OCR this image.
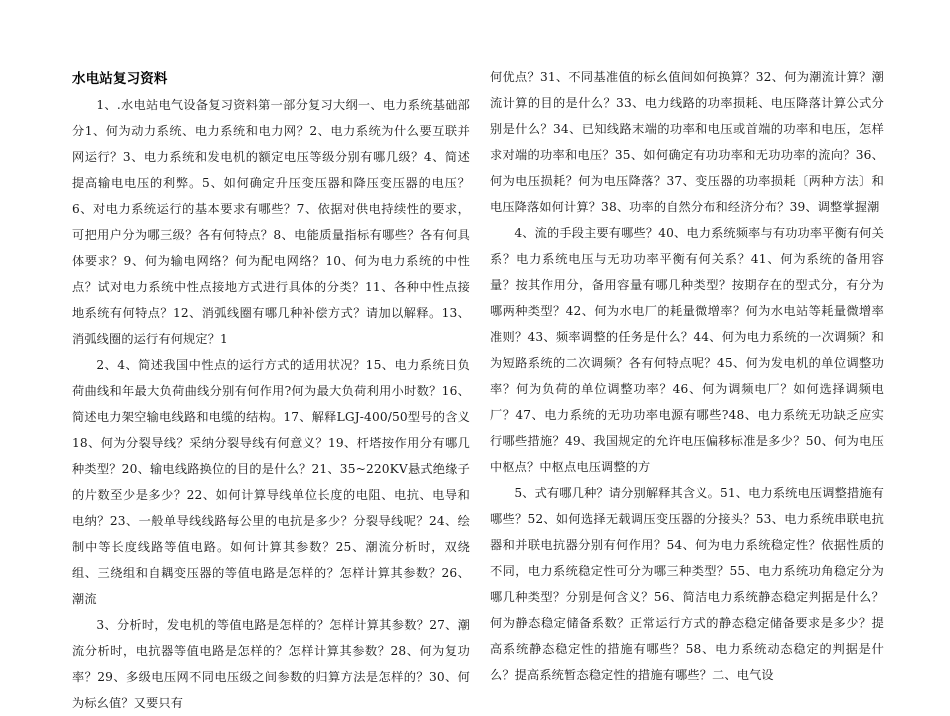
水电站复习资料

1、.水电站电气设备复习资料第一部分复习大纲一、电力系统基础部分1、何为动力系统、电力系统和电力网？2、电力系统为什么要互联并网运行？3、电力系统和发电机的额定电压等级分别有哪几级？4、简述提高输电电压的利弊。5、如何确定升压变压器和降压变压器的电压？6、对电力系统运行的基本要求有哪些？7、依据对供电持续性的要求，可把用户分为哪三级？各有何特点？8、电能质量指标有哪些？各有何具体要求？9、何为输电网络？何为配电网络？10、何为电力系统的中性点？试对电力系统中性点接地方式进行具体的分类？11、各种中性点接地系统有何特点？12、消弧线圈有哪几种补偿方式？请加以解释。13、消弧线圈的运行有何规定？1

2、4、简述我国中性点的运行方式的适用状况？15、电力系统日负荷曲线和年最大负荷曲线分别有何作用?何为最大负荷利用小时数？16、简述电力架空输电线路和电缆的结构。17、解释LGJ-400/50型号的含义18、何为分裂导线？采纳分裂导线有何意义？19、杆塔按作用分有哪几种类型？20、输电线路换位的目的是什么？21、35~220KV悬式绝缘子的片数至少是多少？22、如何计算导线单位长度的电阻、电抗、电导和电纳？23、一般单导线线路每公里的电抗是多少？分裂导线呢？24、绘制中等长度线路等值电路。如何计算其参数？25、潮流分析时，双绕组、三绕组和自耦变压器的等值电路是怎样的？怎样计算其参数？26、潮流

3、分析时，发电机的等值电路是怎样的？怎样计算其参数？27、潮流分析时，电抗器等值电路是怎样的？怎样计算其参数？28、何为复功率？29、多级电压网不同电压级之间参数的归算方法是怎样的？30、何为标幺值？又要只有

何优点？31、不同基准值的标幺值间如何换算？32、何为潮流计算？潮流计算的目的是什么？33、电力线路的功率损耗、电压降落计算公式分别是什么？34、已知线路末端的功率和电压或首端的功率和电压，怎样求对端的功率和电压？35、如何确定有功功率和无功功率的流向？36、何为电压损耗？何为电压降落？37、变压器的功率损耗〔两种方法〕和电压降落如何计算？38、功率的自然分布和经济分布？39、调整掌握潮

4、流的手段主要有哪些？40、电力系统频率与有功功率平衡有何关系？电力系统电压与无功功率平衡有何关系？41、何为系统的备用容量？按其作用分，备用容量有哪几种类型？按期存在的型式分，有分为哪两种类型？42、何为水电厂的耗量微增率？何为水电站等耗量微增率准则？43、频率调整的任务是什么？44、何为电力系统的一次调频？和为短路系统的二次调频？各有何特点呢？45、何为发电机的单位调整功率？何为负荷的单位调整功率？46、何为调频电厂？如何选择调频电厂？47、电力系统的无功功率电源有哪些?48、电力系统无功缺乏应实行哪些措施？49、我国规定的允许电压偏移标准是多少？50、何为电压中枢点？中枢点电压调整的方

5、式有哪几种？请分别解释其含义。51、电力系统电压调整措施有哪些？52、如何选择无载调压变压器的分接头？53、电力系统串联电抗器和并联电抗器分别有何作用？54、何为电力系统稳定性？依据性质的不同，电力系统稳定性可分为哪三种类型？55、电力系统功角稳定分为哪几种类型？分别是何含义？56、简洁电力系统静态稳定判据是什么？何为静态稳定储备系数？正常运行方式的静态稳定储备要求是多少？提高系统静态稳定性的措施有哪些？58、电力系统动态稳定的判据是什么？提高系统暂态稳定性的措施有哪些？二、电气设
